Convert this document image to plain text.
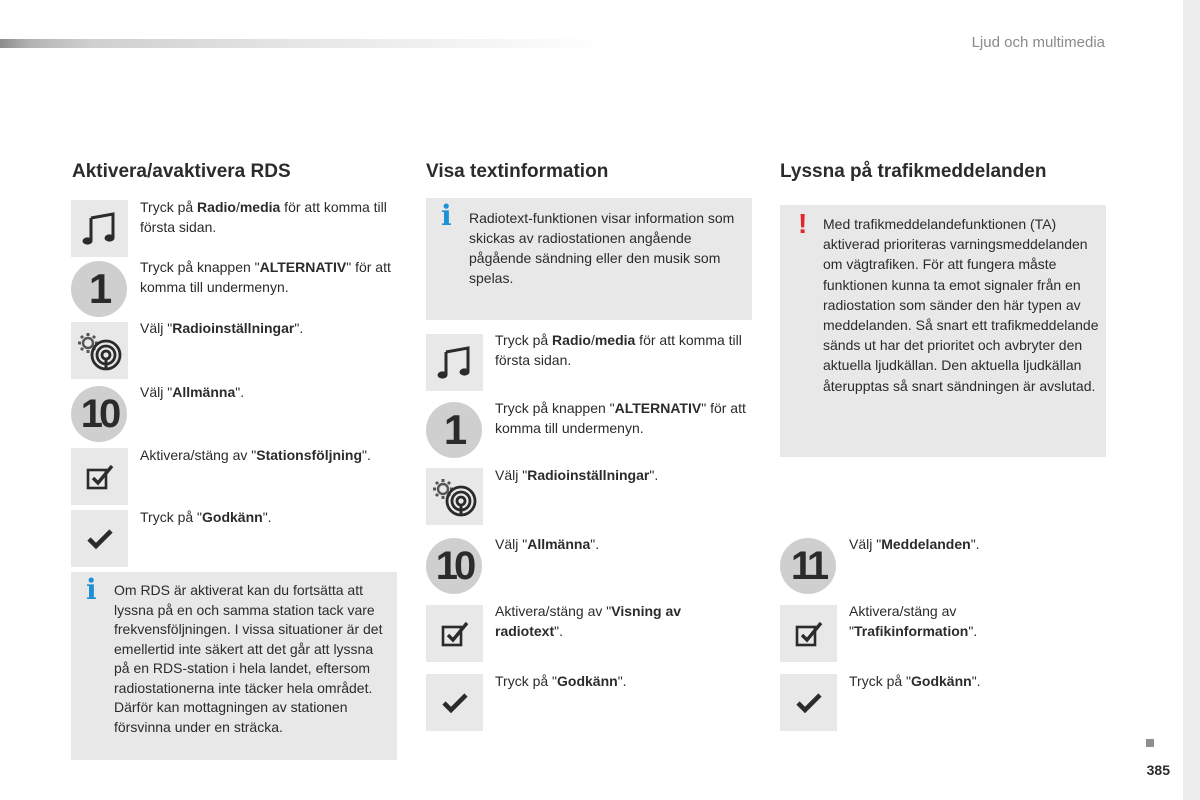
Ljud och multimedia
Aktivera/avaktivera RDS	Visa textinformation	Lyssna på trafikmeddelanden
Tryck på Radio/media för att komma till första sidan.
1	Tryck på knappen "ALTERNATIV" för att komma till undermenyn.
Välj "Radioinställningar".
10	Välj "Allmänna".
Aktivera/stäng av "Stationsföljning".
Tryck på "Godkänn".
i Om RDS är aktiverat kan du fortsätta att lyssna på en och samma station tack vare frekvensföljningen. I vissa situationer är det emellertid inte säkert att det går att lyssna på en RDS-station i hela landet, eftersom radiostationerna inte täcker hela området. Därför kan mottagningen av stationen försvinna under en sträcka.
i Radiotext-funktionen visar information som skickas av radiostationen angående pågående sändning eller den musik som spelas.
Tryck på Radio/media för att komma till första sidan.
1	Tryck på knappen "ALTERNATIV" för att komma till undermenyn.
Välj "Radioinställningar".
10	Välj "Allmänna".
Aktivera/stäng av "Visning av radiotext".
Tryck på "Godkänn".
! Med trafikmeddelandefunktionen (TA) aktiverad prioriteras varningsmeddelanden om vägtrafiken. För att fungera måste funktionen kunna ta emot signaler från en radiostation som sänder den här typen av meddelanden. Så snart ett trafikmeddelande sänds ut har det prioritet och avbryter den aktuella ljudkällan. Den aktuella ljudkällan återupptas så snart sändningen är avslutad.
11	Välj "Meddelanden".
Aktivera/stäng av "Trafikinformation".
Tryck på "Godkänn".
385
